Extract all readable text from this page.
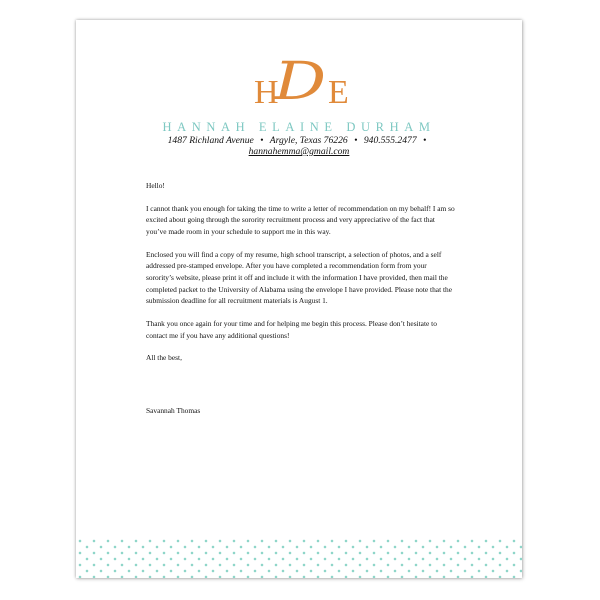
H
D E
HANNAH ELAINE DURHAM
1487 Richland Avenue • Argyle, Texas 76226 • 940.555.2477 •
hannahemma@gmail.com

Hello!

I cannot thank you enough for taking the time to write a letter of recommendation on my behalf! I am so excited about going through the sorority recruitment process and very appreciative of the fact that you’ve made room in your schedule to support me in this way.

Enclosed you will find a copy of my resume, high school transcript, a selection of photos, and a self addressed pre-stamped envelope. After you have completed a recommendation form from your sorority’s website, please print it off and include it with the information I have provided, then mail the completed packet to the University of Alabama using the envelope I have provided. Please note that the submission deadline for all recruitment materials is August 1.

Thank you once again for your time and for helping me begin this process. Please don’t hesitate to contact me if you have any additional questions!

All the best,

Savannah Thomas
